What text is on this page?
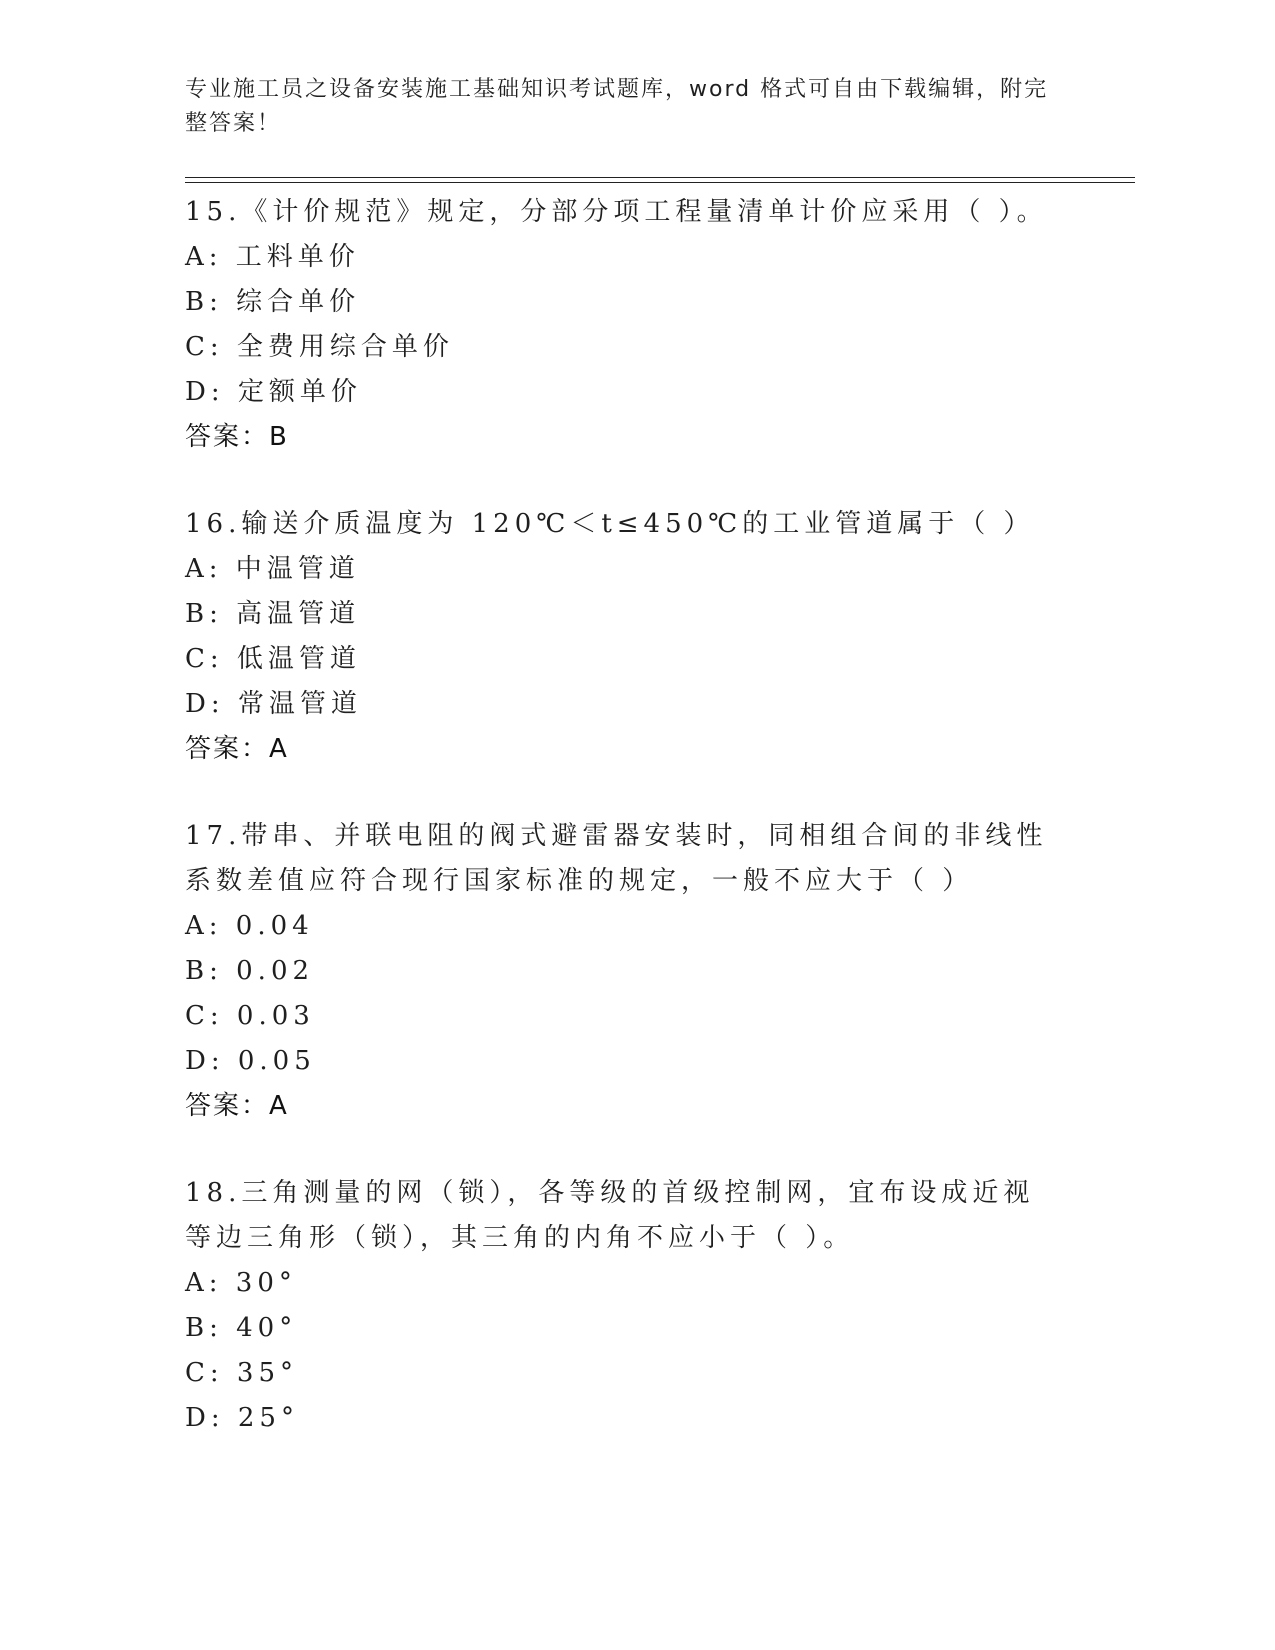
专业施工员之设备安装施工基础知识考试题库，word 格式可自由下载编辑，附完整答案！

15.《计价规范》规定，分部分项工程量清单计价应采用（ ）。

A: 工料单价

B: 综合单价

C: 全费用综合单价

D: 定额单价

答案：B

16.输送介质温度为 120℃＜t≤450℃的工业管道属于（ ）

A: 中温管道

B: 高温管道

C: 低温管道

D: 常温管道

答案：A

17.带串、并联电阻的阀式避雷器安装时，同相组合间的非线性系数差值应符合现行国家标准的规定，一般不应大于（ ）

A: 0.04

B: 0.02

C: 0.03

D: 0.05

答案：A

18.三角测量的网（锁），各等级的首级控制网，宜布设成近视等边三角形（锁），其三角的内角不应小于（ ）。

A: 30°

B: 40°

C: 35°

D: 25°
